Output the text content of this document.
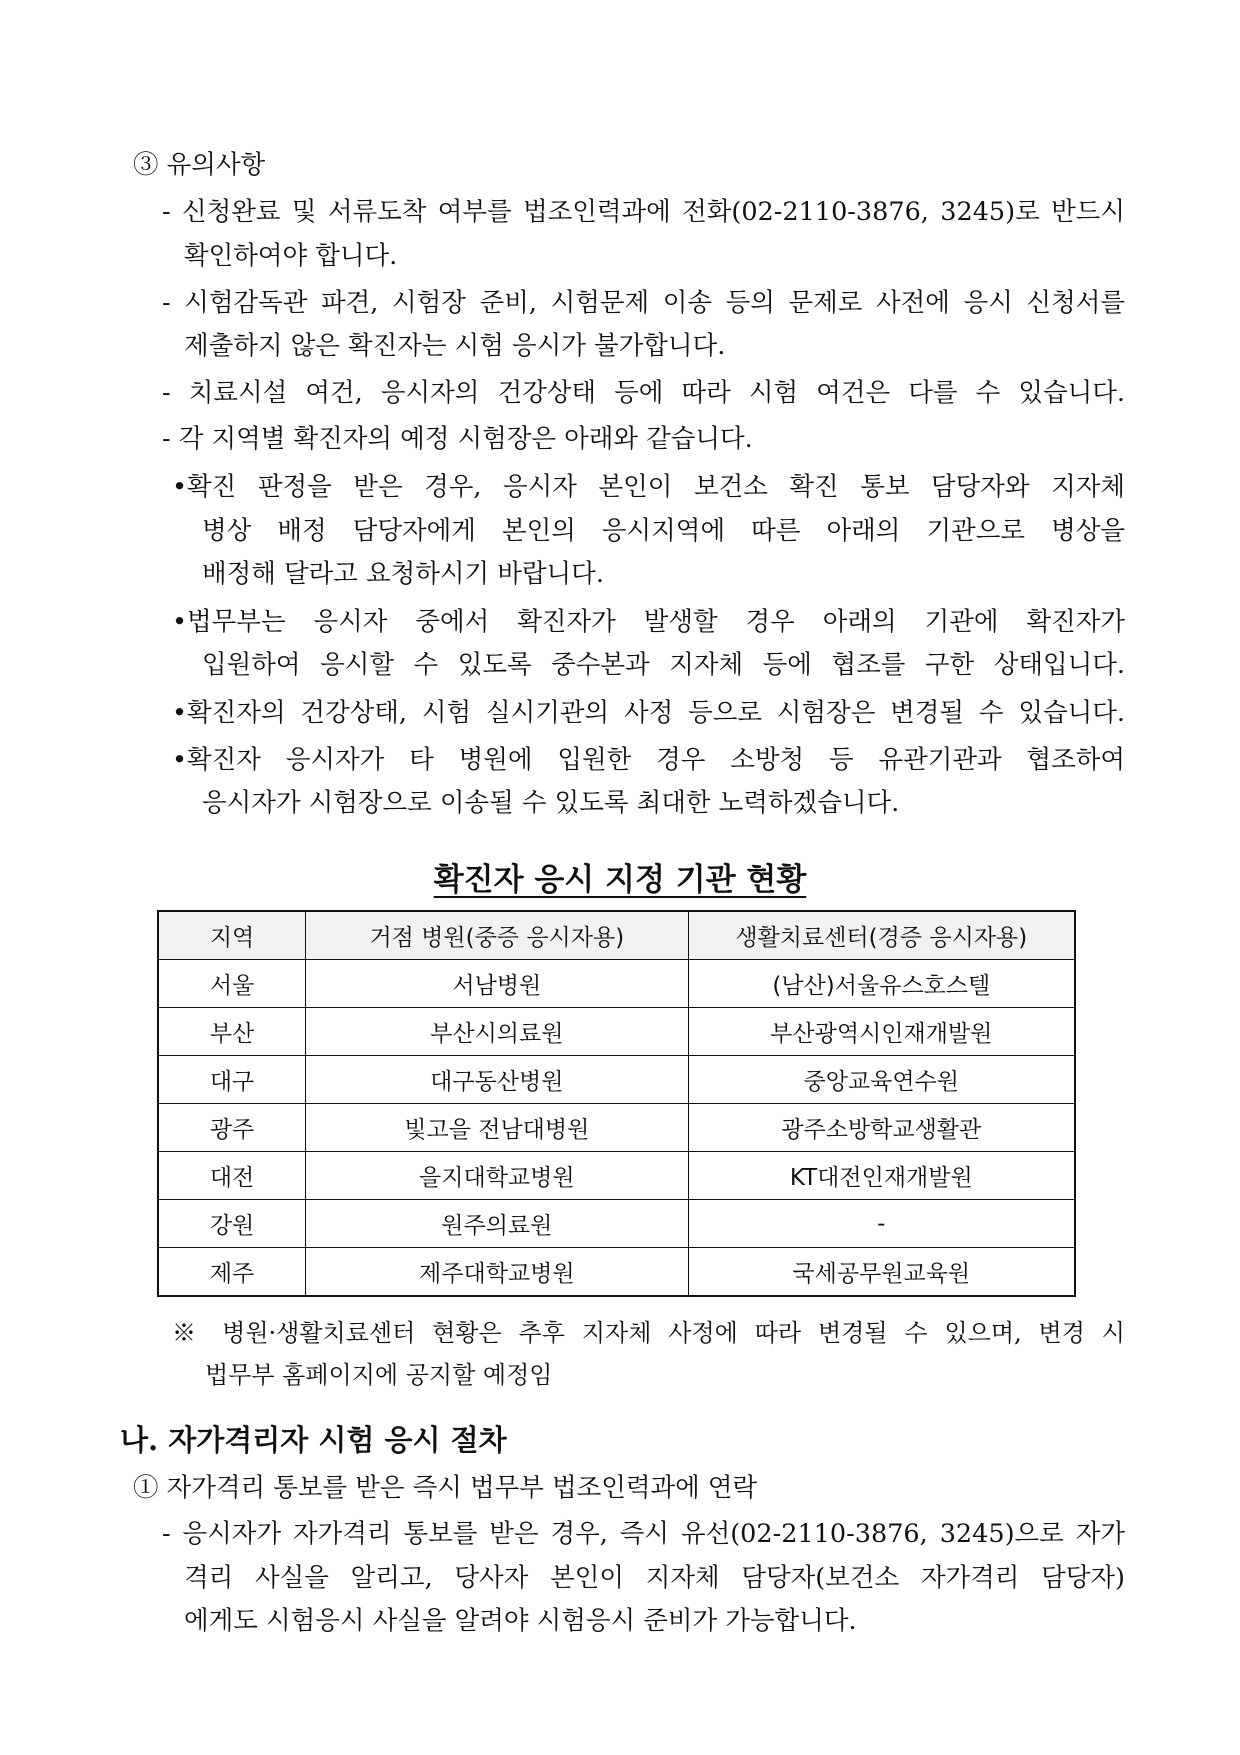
③ 유의사항
- 신청완료 및 서류도착 여부를 법조인력과에 전화(02-2110-3876, 3245)로 반드시
확인하여야 합니다.
- 시험감독관 파견, 시험장 준비, 시험문제 이송 등의 문제로 사전에 응시 신청서를
제출하지 않은 확진자는 시험 응시가 불가합니다.
- 치료시설 여건, 응시자의 건강상태 등에 따라 시험 여건은 다를 수 있습니다.
- 각 지역별 확진자의 예정 시험장은 아래와 같습니다.
•확진 판정을 받은 경우, 응시자 본인이 보건소 확진 통보 담당자와 지자체
병상 배정 담당자에게 본인의 응시지역에 따른 아래의 기관으로 병상을
배정해 달라고 요청하시기 바랍니다.
•법무부는 응시자 중에서 확진자가 발생할 경우 아래의 기관에 확진자가
입원하여 응시할 수 있도록 중수본과 지자체 등에 협조를 구한 상태입니다.
•확진자의 건강상태, 시험 실시기관의 사정 등으로 시험장은 변경될 수 있습니다.
•확진자 응시자가 타 병원에 입원한 경우 소방청 등 유관기관과 협조하여
응시자가 시험장으로 이송될 수 있도록 최대한 노력하겠습니다.
확진자 응시 지정 기관 현황
지역	거점 병원(중증 응시자용)	생활치료센터(경증 응시자용)
서울	서남병원	(남산)서울유스호스텔
부산	부산시의료원	부산광역시인재개발원
대구	대구동산병원	중앙교육연수원
광주	빛고을 전남대병원	광주소방학교생활관
대전	을지대학교병원	KT대전인재개발원
강원	원주의료원	-
제주	제주대학교병원	국세공무원교육원
※ 병원·생활치료센터 현황은 추후 지자체 사정에 따라 변경될 수 있으며, 변경 시
법무부 홈페이지에 공지할 예정임
나. 자가격리자 시험 응시 절차
① 자가격리 통보를 받은 즉시 법무부 법조인력과에 연락
- 응시자가 자가격리 통보를 받은 경우, 즉시 유선(02-2110-3876, 3245)으로 자가
격리 사실을 알리고, 당사자 본인이 지자체 담당자(보건소 자가격리 담당자)
에게도 시험응시 사실을 알려야 시험응시 준비가 가능합니다.
